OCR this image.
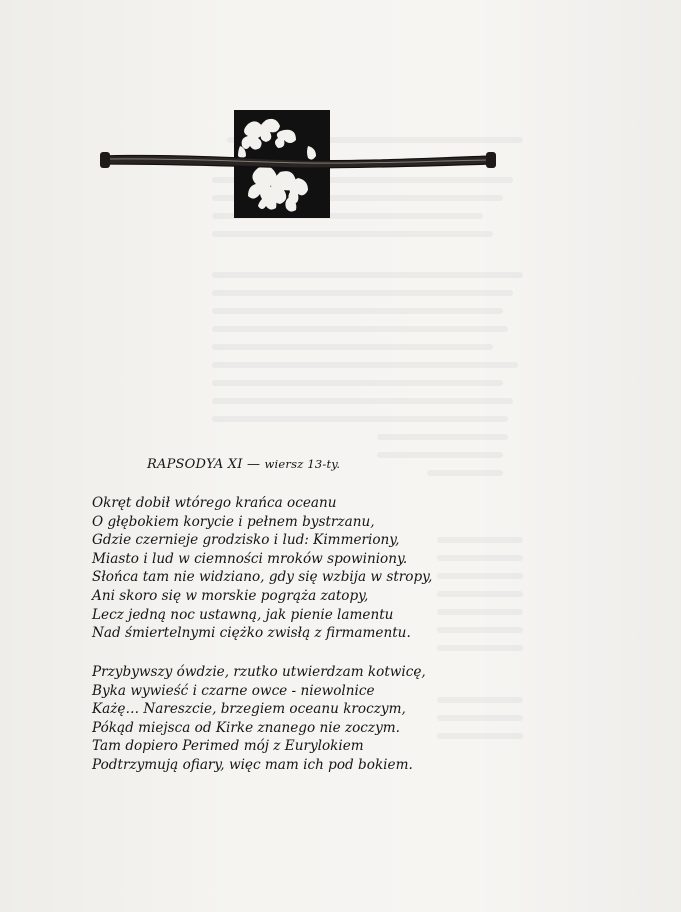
RAPSODYA XI — wiersz 13-ty.
Okręt dobił wtórego krańca oceanu
O głębokiem korycie i pełnem bystrzanu,
Gdzie czernieje grodzisko i lud: Kimmeriony,
Miasto i lud w ciemności mroków spowiniony.
Słońca tam nie widziano, gdy się wzbija w stropy,
Ani skoro się w morskie pogrąża zatopy,
Lecz jedną noc ustawną, jak pienie lamentu
Nad śmiertelnymi ciężko zwisłą z firmamentu.
Przybywszy ówdzie, rzutko utwierdzam kotwicę,
Byka wywieść i czarne owce - niewolnice
Każę… Nareszcie, brzegiem oceanu kroczym,
Pókąd miejsca od Kirke znanego nie zoczym.
Tam dopiero Perimed mój z Eurylokiem
Podtrzymują ofiary, więc mam ich pod bokiem.
